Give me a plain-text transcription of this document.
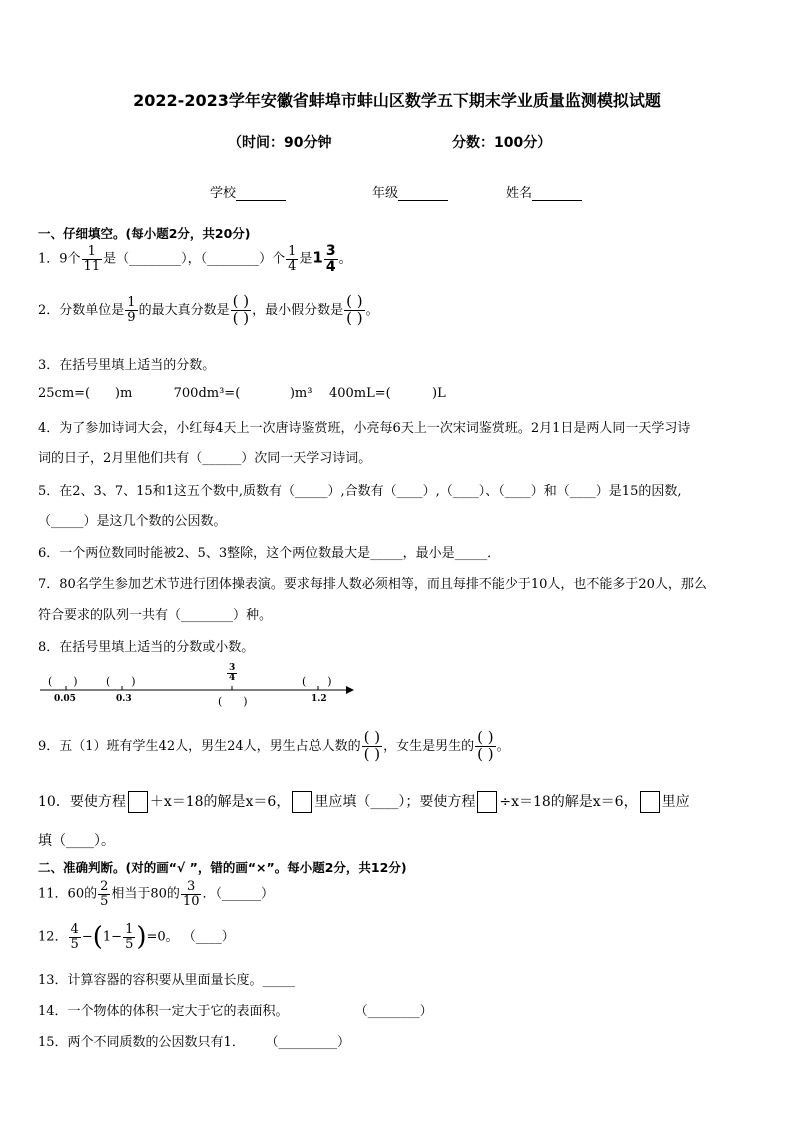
2022-2023学年安徽省蚌埠市蚌山区数学五下期末学业质量监测模拟试题
（时间：90分钟	分数：100分）
学校	年级	姓名
一、仔细填空。(每小题2分，共20分)
1．9个 $\frac{1}{11}$ 是（________），（________）个 $\frac{1}{4}$ 是$1 \frac{3}{4}$ 。
2．分数单位是 $\frac{1}{9}$ 的最大真分数是 $\frac{( )}{( )}$ ，最小假分数是 $\frac{( )}{( )}$ 。
3．在括号里填上适当的分数。
25cm=(      )m          700dm³=(            )m³    400mL=(          )L
4．为了参加诗词大会，小红每4天上一次唐诗鉴赏班，小亮每6天上一次宋词鉴赏班。2月1日是两人同一天学习诗
词的日子，2月里他们共有（______）次同一天学习诗词。
5．在2、3、7、15和1这五个数中,质数有（_____）,合数有（____）,（____）、（____）和（____）是15的因数,
（_____）是这几个数的公因数。
6．一个两位数同时能被2、5、3整除，这个两位数最大是_____，最小是_____．
7．80名学生参加艺术节进行团体操表演。要求每排人数必须相等，而且每排不能少于10人，也不能多于20人，那么
符合要求的队列一共有（________）种。
8．在括号里填上适当的分数或小数。
(      )	(      )	(      )
0.05	0.3	1.2
$\frac{3}{4}$
(      )
9．五（1）班有学生42人，男生24人，男生占总人数的 $\frac{( )}{( )}$ ，女生是男生的 $\frac{( )}{( )}$ 。
10．要使方程 ＋x＝18的解是x＝6， 里应填（____）；要使方程 ÷x＝18的解是x＝6， 里应
填（____）。
二、准确判断。(对的画“√ ”，错的画“×”。每小题2分，共12分)
11．60的 $\frac{2}{5}$ 相当于80的 $\frac{3}{10}$ ．（______）
12． $\frac{4}{5} -(1- \frac{1}{5} )=0$。 （____）
13．计算容器的容积要从里面量长度。_____
14．一个物体的体积一定大于它的表面积。                （________）
15．两个不同质数的公因数只有1．     （_________）
